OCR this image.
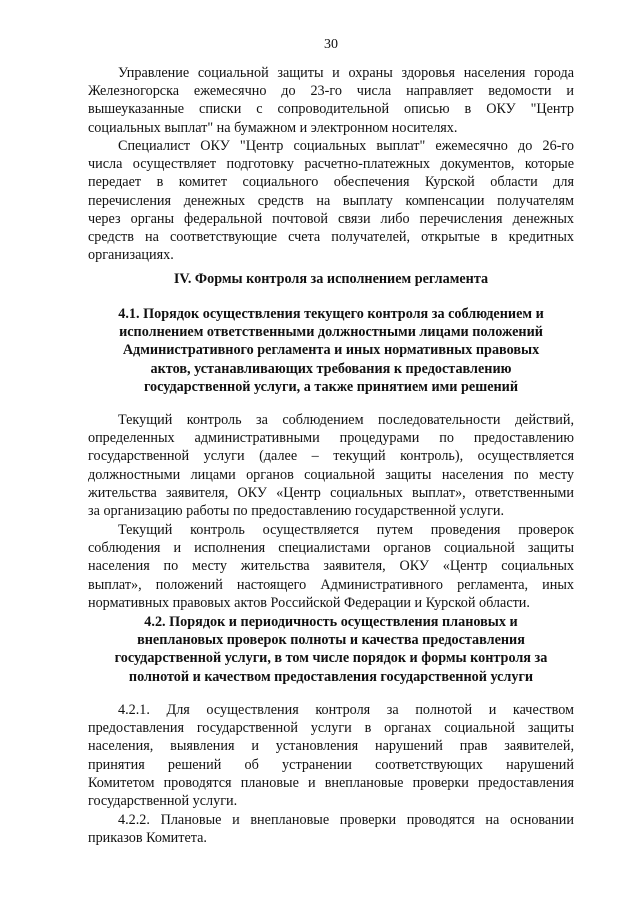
30
Управление социальной защиты и охраны здоровья населения города
Железногорска ежемесячно до 23-го числа направляет ведомости и
вышеуказанные списки с сопроводительной описью в ОКУ "Центр
социальных выплат" на бумажном и электронном носителях.
Специалист ОКУ "Центр социальных выплат" ежемесячно до 26-го
числа осуществляет подготовку расчетно-платежных документов, которые
передает в комитет социального обеспечения Курской области для
перечисления денежных средств на выплату компенсации получателям
через органы федеральной почтовой связи либо перечисления денежных
средств на соответствующие счета получателей, открытые в кредитных
организациях.
IV. Формы контроля за исполнением регламента
4.1. Порядок осуществления текущего контроля за соблюдением и
исполнением ответственными должностными лицами положений
Административного регламента и иных нормативных правовых
актов, устанавливающих требования к предоставлению
государственной услуги, а также принятием ими решений
Текущий контроль за соблюдением последовательности действий,
определенных административными процедурами по предоставлению
государственной услуги (далее – текущий контроль), осуществляется
должностными лицами органов социальной защиты населения по месту
жительства заявителя, ОКУ «Центр социальных выплат», ответственными
за организацию работы по предоставлению государственной услуги.
Текущий контроль осуществляется путем проведения проверок
соблюдения и исполнения специалистами органов социальной защиты
населения по месту жительства заявителя, ОКУ «Центр социальных
выплат», положений настоящего Административного регламента, иных
нормативных правовых актов Российской Федерации и Курской области.
4.2. Порядок и периодичность осуществления плановых и
внеплановых проверок полноты и качества предоставления
государственной услуги, в том числе порядок и формы контроля за
полнотой и качеством предоставления государственной услуги
4.2.1. Для осуществления контроля за полнотой и качеством
предоставления государственной услуги в органах социальной защиты
населения, выявления и установления нарушений прав заявителей,
принятия решений об устранении соответствующих нарушений
Комитетом проводятся плановые и внеплановые проверки предоставления
государственной услуги.
4.2.2. Плановые и внеплановые проверки проводятся на основании
приказов Комитета.
